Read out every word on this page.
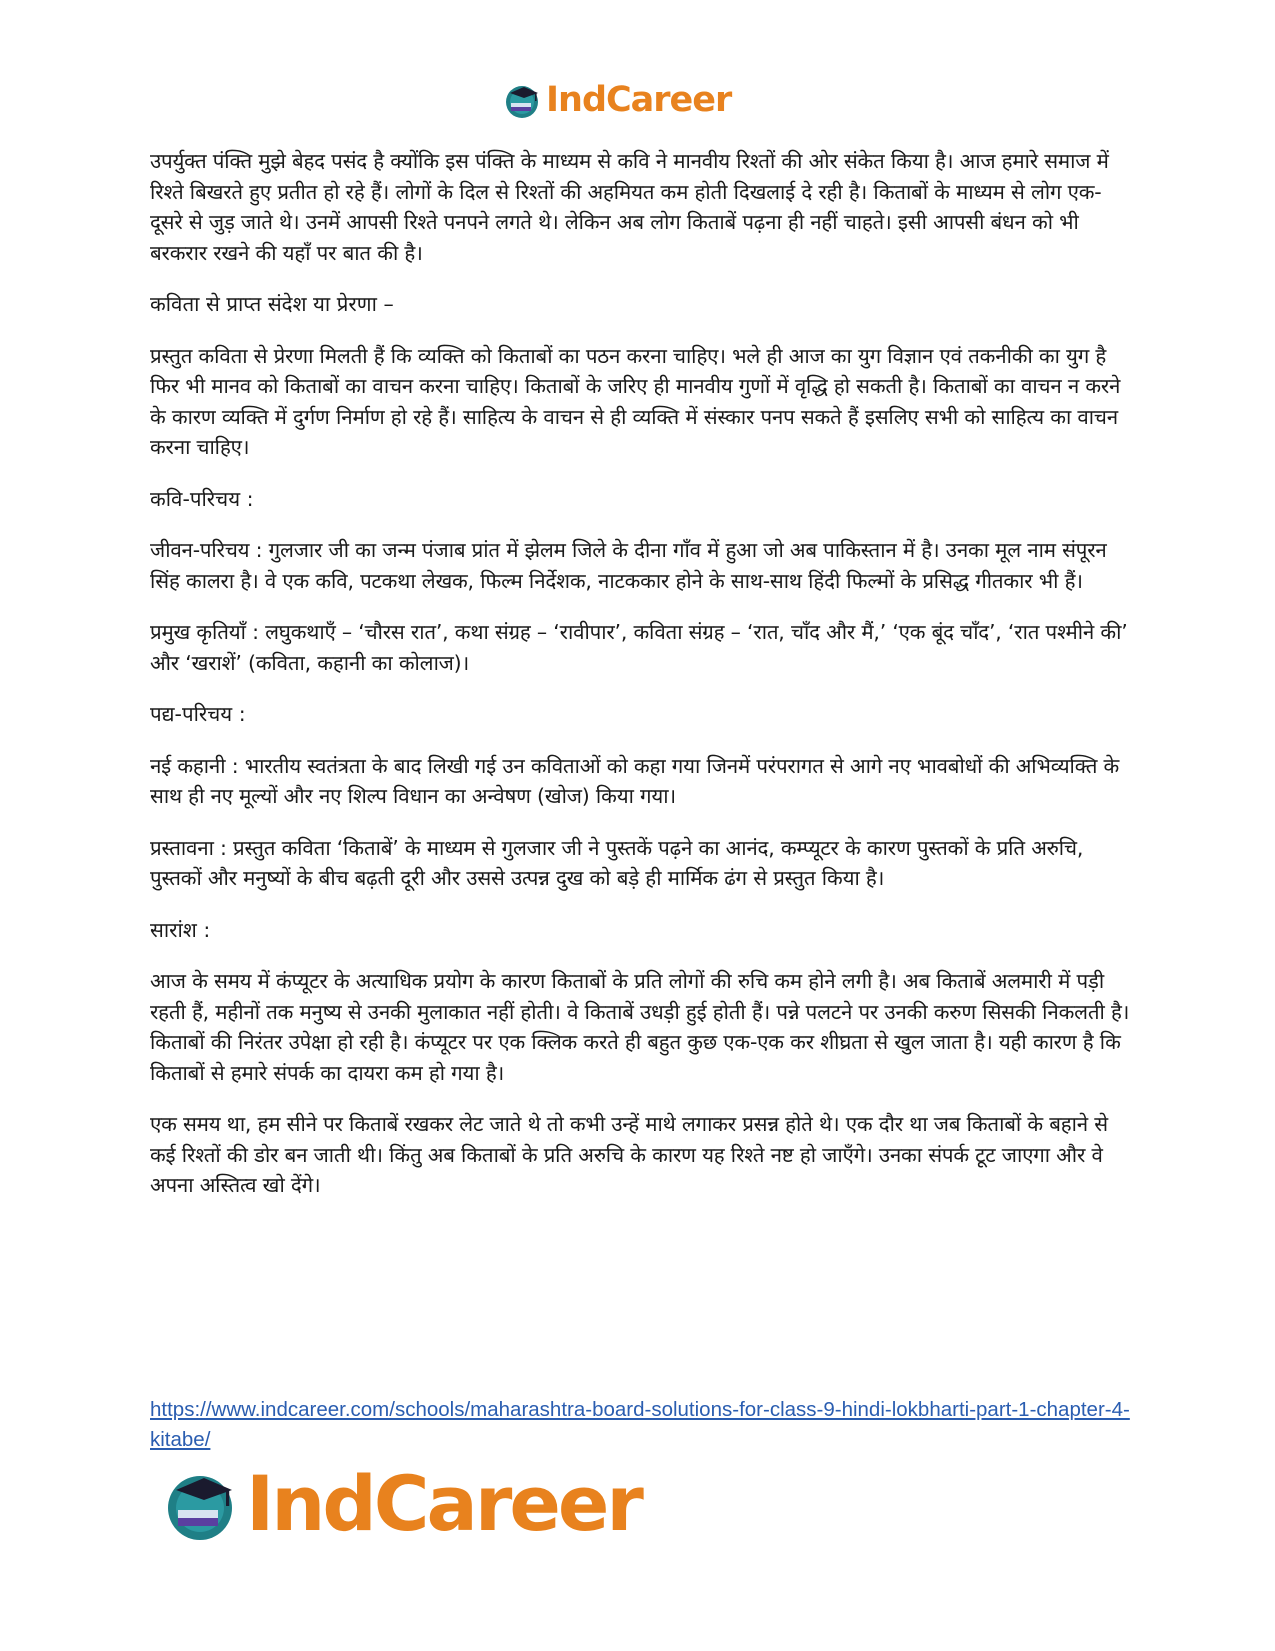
IndCareer

उपर्युक्त पंक्ति मुझे बेहद पसंद है क्योंकि इस पंक्ति के माध्यम से कवि ने मानवीय रिश्तों की ओर संकेत किया है। आज हमारे समाज में रिश्ते बिखरते हुए प्रतीत हो रहे हैं। लोगों के दिल से रिश्तों की अहमियत कम होती दिखलाई दे रही है। किताबों के माध्यम से लोग एक-दूसरे से जुड़ जाते थे। उनमें आपसी रिश्ते पनपने लगते थे। लेकिन अब लोग किताबें पढ़ना ही नहीं चाहते। इसी आपसी बंधन को भी बरकरार रखने की यहाँ पर बात की है।

कविता से प्राप्त संदेश या प्रेरणा –

प्रस्तुत कविता से प्रेरणा मिलती हैं कि व्यक्ति को किताबों का पठन करना चाहिए। भले ही आज का युग विज्ञान एवं तकनीकी का युग है फिर भी मानव को किताबों का वाचन करना चाहिए। किताबों के जरिए ही मानवीय गुणों में वृद्धि हो सकती है। किताबों का वाचन न करने के कारण व्यक्ति में दुर्गण निर्माण हो रहे हैं। साहित्य के वाचन से ही व्यक्ति में संस्कार पनप सकते हैं इसलिए सभी को साहित्य का वाचन करना चाहिए।

कवि-परिचय :

जीवन-परिचय : गुलजार जी का जन्म पंजाब प्रांत में झेलम जिले के दीना गाँव में हुआ जो अब पाकिस्तान में है। उनका मूल नाम संपूरन सिंह कालरा है। वे एक कवि, पटकथा लेखक, फिल्म निर्देशक, नाटककार होने के साथ-साथ हिंदी फिल्मों के प्रसिद्ध गीतकार भी हैं।

प्रमुख कृतियाँ : लघुकथाएँ – ‘चौरस रात’, कथा संग्रह – ‘रावीपार’, कविता संग्रह – ‘रात, चाँद और मैं,’ ‘एक बूंद चाँद’, ‘रात पश्मीने की’ और ‘खराशें’ (कविता, कहानी का कोलाज)।

पद्य-परिचय :

नई कहानी : भारतीय स्वतंत्रता के बाद लिखी गई उन कविताओं को कहा गया जिनमें परंपरागत से आगे नए भावबोधों की अभिव्यक्ति के साथ ही नए मूल्यों और नए शिल्प विधान का अन्वेषण (खोज) किया गया।

प्रस्तावना : प्रस्तुत कविता ‘किताबें’ के माध्यम से गुलजार जी ने पुस्तकें पढ़ने का आनंद, कम्प्यूटर के कारण पुस्तकों के प्रति अरुचि, पुस्तकों और मनुष्यों के बीच बढ़ती दूरी और उससे उत्पन्न दुख को बड़े ही मार्मिक ढंग से प्रस्तुत किया है।

सारांश :

आज के समय में कंप्यूटर के अत्याधिक प्रयोग के कारण किताबों के प्रति लोगों की रुचि कम होने लगी है। अब किताबें अलमारी में पड़ी रहती हैं, महीनों तक मनुष्य से उनकी मुलाकात नहीं होती। वे किताबें उधड़ी हुई होती हैं। पन्ने पलटने पर उनकी करुण सिसकी निकलती है। किताबों की निरंतर उपेक्षा हो रही है। कंप्यूटर पर एक क्लिक करते ही बहुत कुछ एक-एक कर शीघ्रता से खुल जाता है। यही कारण है कि किताबों से हमारे संपर्क का दायरा कम हो गया है।

एक समय था, हम सीने पर किताबें रखकर लेट जाते थे तो कभी उन्हें माथे लगाकर प्रसन्न होते थे। एक दौर था जब किताबों के बहाने से कई रिश्तों की डोर बन जाती थी। किंतु अब किताबों के प्रति अरुचि के कारण यह रिश्ते नष्ट हो जाएँगे। उनका संपर्क टूट जाएगा और वे अपना अस्तित्व खो देंगे।

https://www.indcareer.com/schools/maharashtra-board-solutions-for-class-9-hindi-lokbharti-part-1-chapter-4-kitabe/
IndCareer
